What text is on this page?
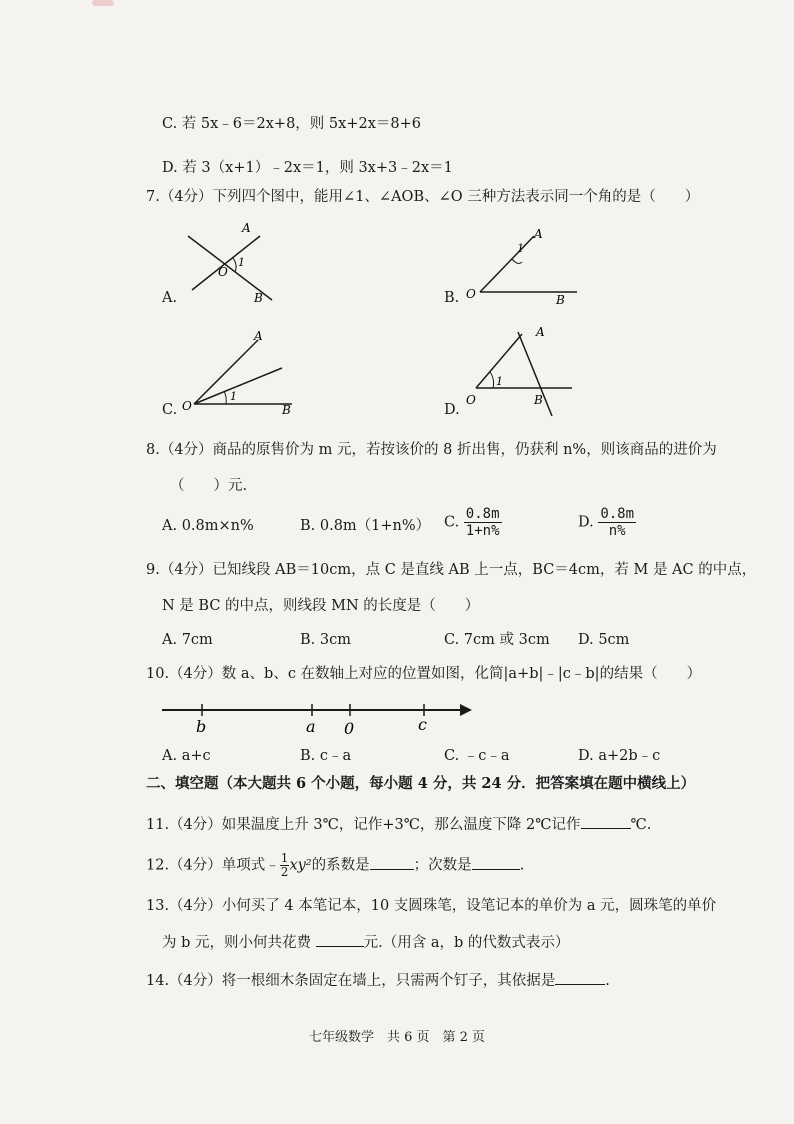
C. 若 5x﹣6＝2x+8，则 5x+2x＝8+6
D. 若 3（x+1）﹣2x＝1，则 3x+3﹣2x＝1
7.（4分）下列四个图中，能用∠1、∠AOB、∠O 三种方法表示同一个角的是（　　）
A.
A
1
O
B	B.
A
1
O	B
C.
A
1
O	B	D.
A
1
O	B
8.（4分）商品的原售价为 m 元，若按该价的 8 折出售，仍获利 n%，则该商品的进价为
（　　）元.
A. 0.8m×n%	B. 0.8m（1+n%） C. $\frac{0.8m}{1+n\%}$	D. $\frac{0.8m}{n\%}$
9.（4分）已知线段 AB＝10cm，点 C 是直线 AB 上一点，BC＝4cm，若 M 是 AC 的中点，
N 是 BC 的中点，则线段 MN 的长度是（　　）
A. 7cm	B. 3cm	C. 7cm 或 3cm D. 5cm
10.（4分）数 a、b、c 在数轴上对应的位置如图，化简|a+b|﹣|c﹣b|的结果（　　）
b	a 0	c
A. a+c	B. c﹣a	C. ﹣c﹣a	D. a+2b﹣c
二、填空题（本大题共 6 个小题，每小题 4 分，共 24 分．把答案填在题中横线上）
11.（4分）如果温度上升 3℃，记作+3℃，那么温度下降 2℃记作	℃.
12.（4分）单项式﹣ $\frac{1}{2} xy^2$的系数是	；次数是	.
13.（4分）小何买了 4 本笔记本，10 支圆珠笔，设笔记本的单价为 a 元，圆珠笔的单价
为 b 元，则小何共花费	元.（用含 a，b 的代数式表示）
14.（4分）将一根细木条固定在墙上，只需两个钉子，其依据是	.
七年级数学　共 6 页　第 2 页
